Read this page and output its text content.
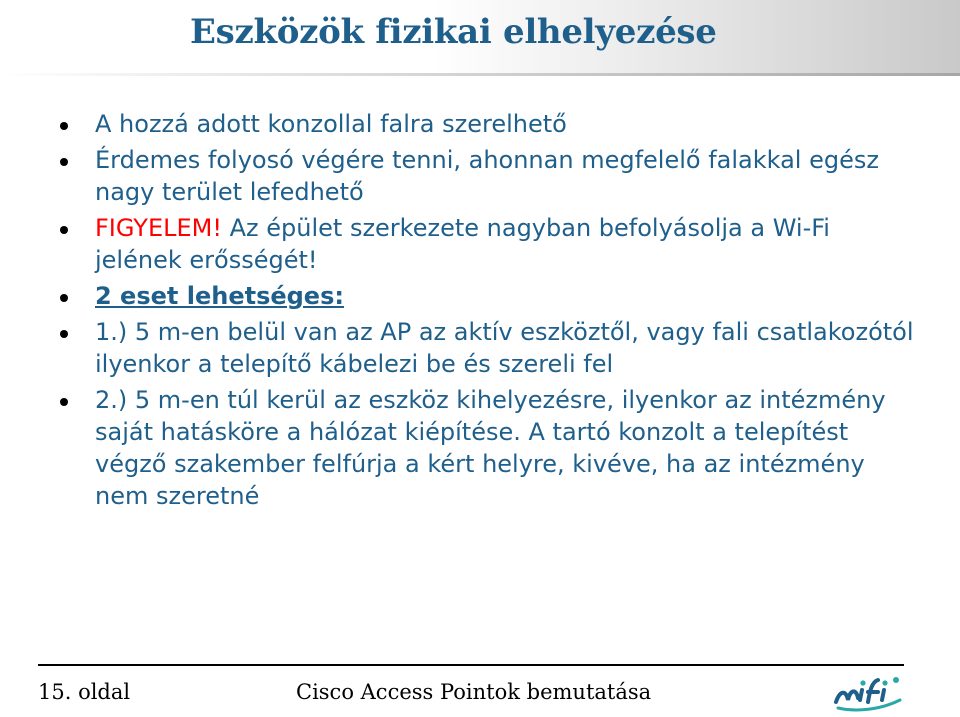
Eszközök fizikai elhelyezése
A hozzá adott konzollal falra szerelhető
Érdemes folyosó végére tenni, ahonnan megfelelő falakkal egész nagy terület lefedhető
FIGYELEM! Az épület szerkezete nagyban befolyásolja a Wi-Fi jelének erősségét!
2 eset lehetséges:
1.) 5 m-en belül van az AP az aktív eszköztől, vagy fali csatlakozótól ilyenkor a telepítő kábelezi be és szereli fel
2.) 5 m-en túl kerül az eszköz kihelyezésre, ilyenkor az intézmény saját hatásköre a hálózat kiépítése. A tartó konzolt a telepítést végző szakember felfúrja a kért helyre, kivéve, ha az intézmény nem szeretné
15. oldal	Cisco Access Pointok bemutatása
